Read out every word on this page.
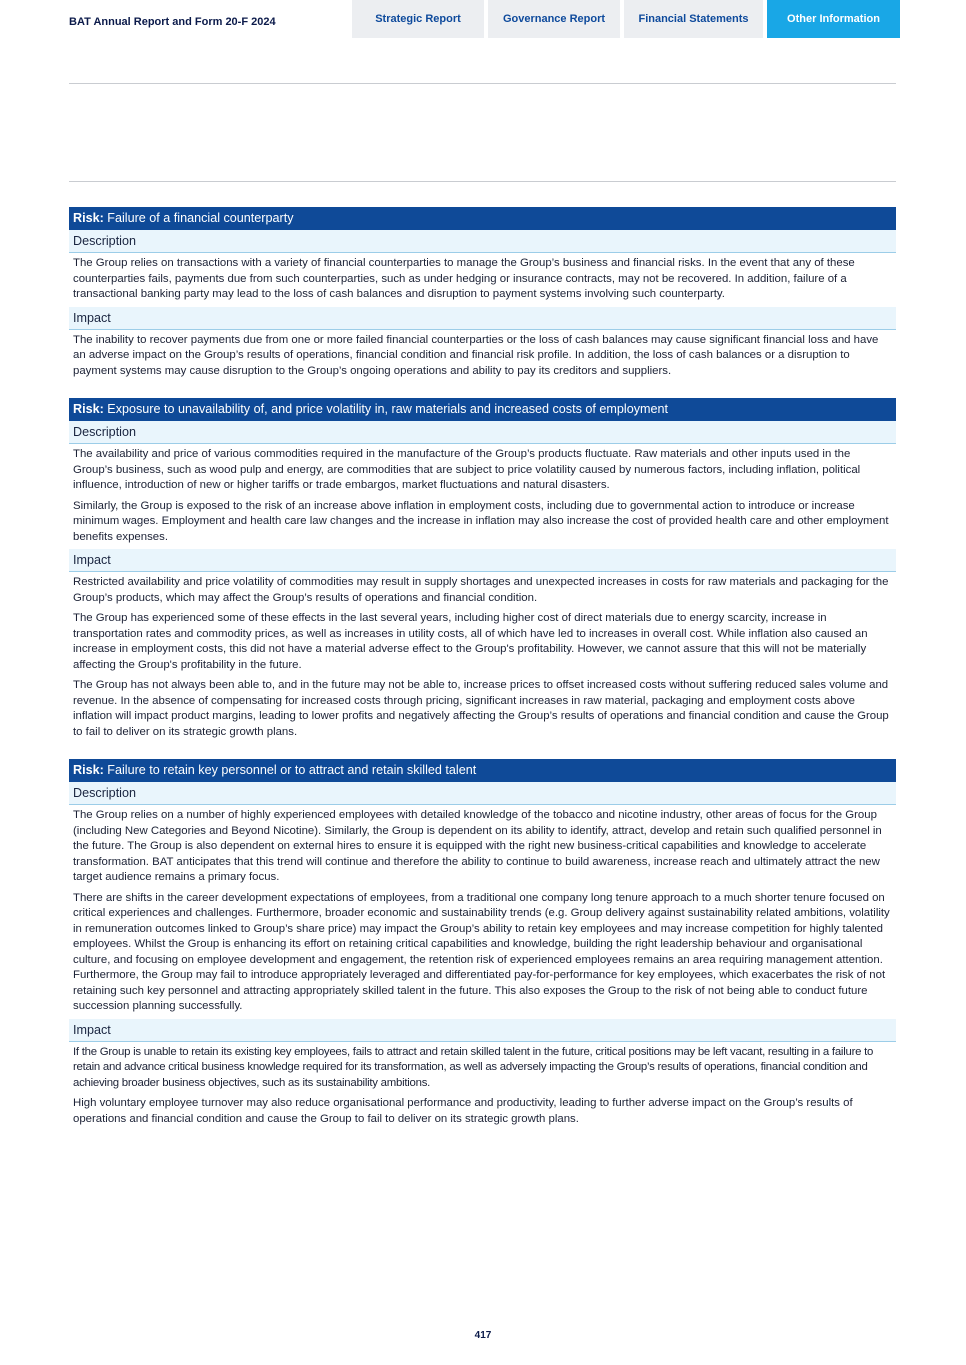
BAT Annual Report and Form 20-F 2024	Strategic Report	Governance Report	Financial Statements	Other Information
Risk: Failure of a financial counterparty
Description

The Group relies on transactions with a variety of financial counterparties to manage the Group’s business and financial risks. In the event that any of these counterparties fails, payments due from such counterparties, such as under hedging or insurance contracts, may not be recovered. In addition, failure of a transactional banking party may lead to the loss of cash balances and disruption to payment systems involving such counterparty.

Impact

The inability to recover payments due from one or more failed financial counterparties or the loss of cash balances may cause significant financial loss and have an adverse impact on the Group’s results of operations, financial condition and financial risk profile. In addition, the loss of cash balances or a disruption to payment systems may cause disruption to the Group’s ongoing operations and ability to pay its creditors and suppliers.

Risk: Exposure to unavailability of, and price volatility in, raw materials and increased costs of employment
Description

The availability and price of various commodities required in the manufacture of the Group’s products fluctuate. Raw materials and other inputs used in the Group’s business, such as wood pulp and energy, are commodities that are subject to price volatility caused by numerous factors, including inflation, political influence, introduction of new or higher tariffs or trade embargos, market fluctuations and natural disasters.

Similarly, the Group is exposed to the risk of an increase above inflation in employment costs, including due to governmental action to introduce or increase minimum wages. Employment and health care law changes and the increase in inflation may also increase the cost of provided health care and other employment benefits expenses.

Impact

Restricted availability and price volatility of commodities may result in supply shortages and unexpected increases in costs for raw materials and packaging for the Group’s products, which may affect the Group’s results of operations and financial condition.

The Group has experienced some of these effects in the last several years, including higher cost of direct materials due to energy scarcity, increase in transportation rates and commodity prices, as well as increases in utility costs, all of which have led to increases in overall cost. While inflation also caused an increase in employment costs, this did not have a material adverse effect to the Group's profitability. However, we cannot assure that this will not be materially affecting the Group's profitability in the future.

The Group has not always been able to, and in the future may not be able to, increase prices to offset increased costs without suffering reduced sales volume and revenue. In the absence of compensating for increased costs through pricing, significant increases in raw material, packaging and employment costs above inflation will impact product margins, leading to lower profits and negatively affecting the Group’s results of operations and financial condition and cause the Group to fail to deliver on its strategic growth plans.

Risk: Failure to retain key personnel or to attract and retain skilled talent
Description

The Group relies on a number of highly experienced employees with detailed knowledge of the tobacco and nicotine industry, other areas of focus for the Group (including New Categories and Beyond Nicotine). Similarly, the Group is dependent on its ability to identify, attract, develop and retain such qualified personnel in the future. The Group is also dependent on external hires to ensure it is equipped with the right new business-critical capabilities and knowledge to accelerate transformation. BAT anticipates that this trend will continue and therefore the ability to continue to build awareness, increase reach and ultimately attract the new target audience remains a primary focus.

There are shifts in the career development expectations of employees, from a traditional one company long tenure approach to a much shorter tenure focused on critical experiences and challenges. Furthermore, broader economic and sustainability trends (e.g. Group delivery against sustainability related ambitions, volatility in remuneration outcomes linked to Group’s share price) may impact the Group’s ability to retain key employees and may increase competition for highly talented employees. Whilst the Group is enhancing its effort on retaining critical capabilities and knowledge, building the right leadership behaviour and organisational culture, and focusing on employee development and engagement, the retention risk of experienced employees remains an area requiring management attention. Furthermore, the Group may fail to introduce appropriately leveraged and differentiated pay-for-performance for key employees, which exacerbates the risk of not retaining such key personnel and attracting appropriately skilled talent in the future. This also exposes the Group to the risk of not being able to conduct future succession planning successfully.

Impact

If the Group is unable to retain its existing key employees, fails to attract and retain skilled talent in the future, critical positions may be left vacant, resulting in a failure to retain and advance critical business knowledge required for its transformation, as well as adversely impacting the Group’s results of operations, financial condition and achieving broader business objectives, such as its sustainability ambitions.

High voluntary employee turnover may also reduce organisational performance and productivity, leading to further adverse impact on the Group’s results of operations and financial condition and cause the Group to fail to deliver on its strategic growth plans.

417
